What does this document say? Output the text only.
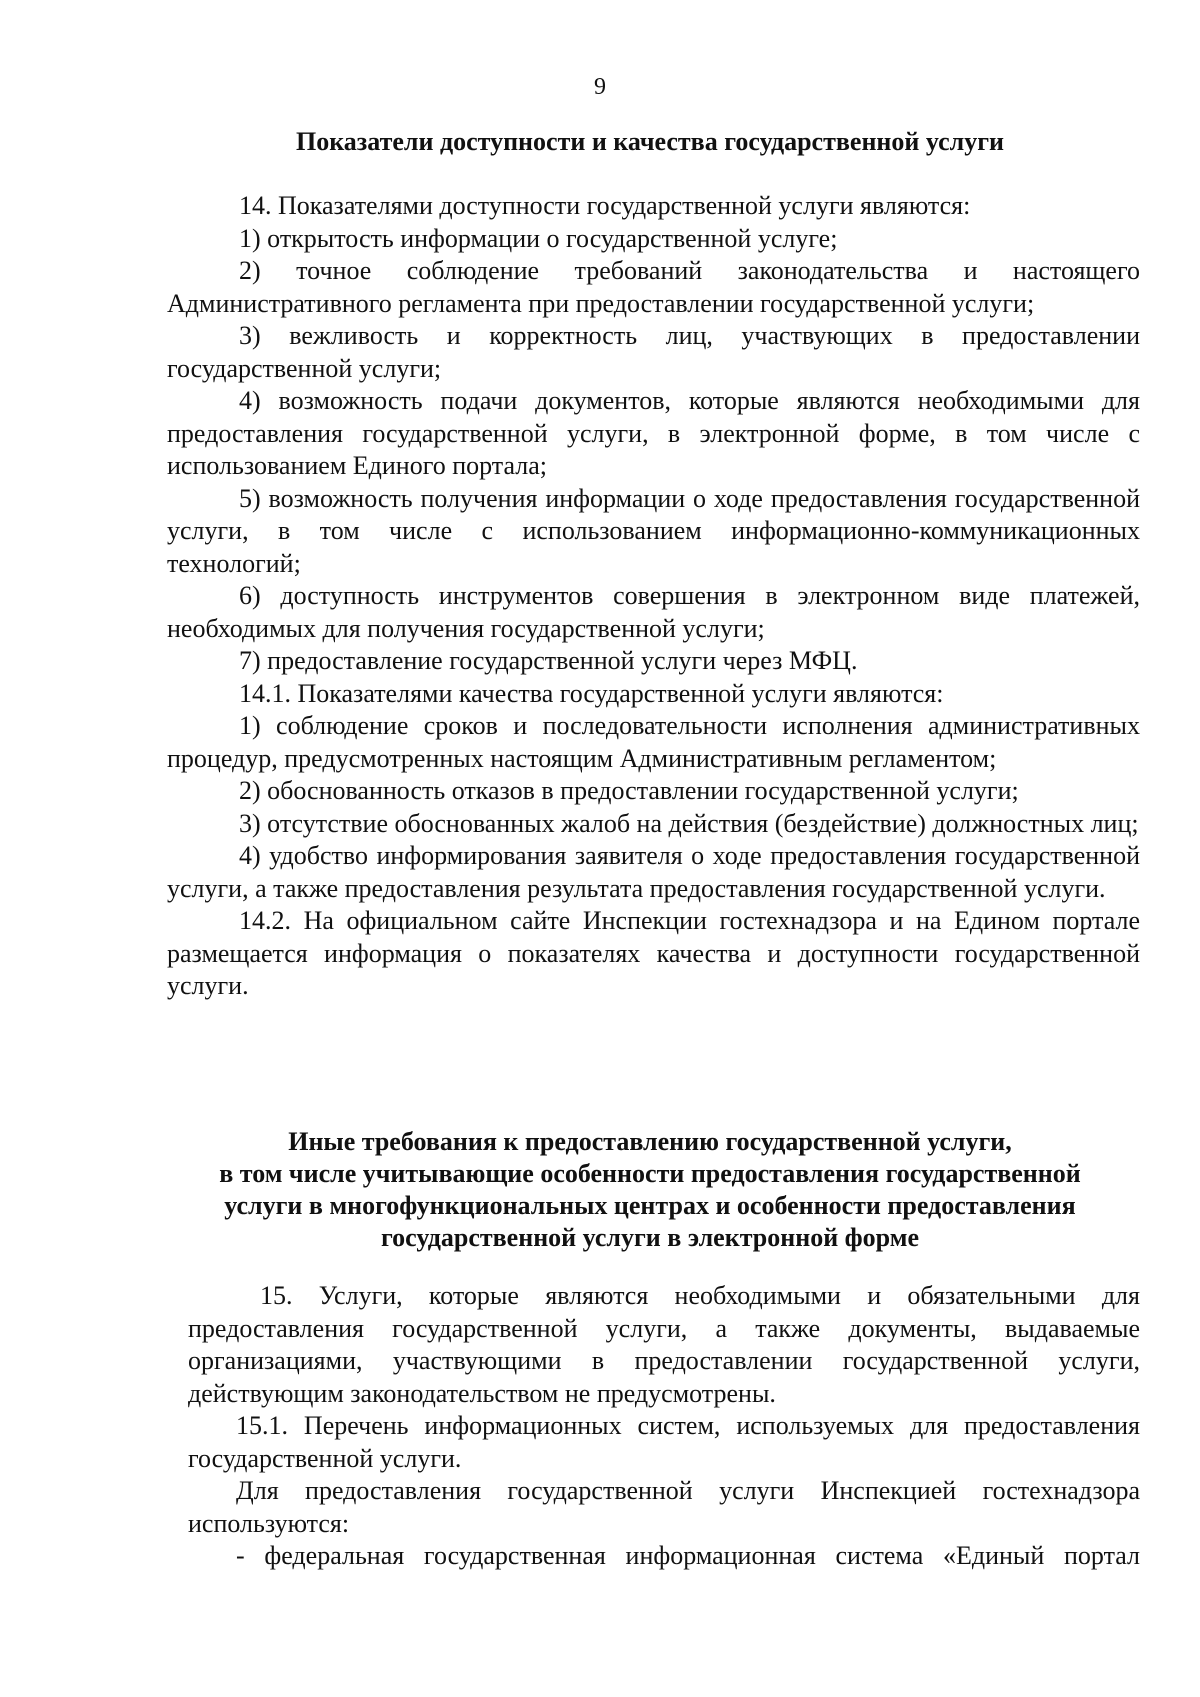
9
Показатели доступности и качества государственной услуги

14. Показателями доступности государственной услуги являются:

1) открытость информации о государственной услуге;

2) точное соблюдение требований законодательства и настоящего Административного регламента при предоставлении государственной услуги;

3) вежливость и корректность лиц, участвующих в предоставлении государственной услуги;

4) возможность подачи документов, которые являются необходимыми для предоставления государственной услуги, в электронной форме, в том числе с использованием Единого портала;

5) возможность получения информации о ходе предоставления государственной услуги, в том числе с использованием информационно-коммуникационных технологий;

6) доступность инструментов совершения в электронном виде платежей, необходимых для получения государственной услуги;

7) предоставление государственной услуги через МФЦ.

14.1. Показателями качества государственной услуги являются:

1) соблюдение сроков и последовательности исполнения административных процедур, предусмотренных настоящим Административным регламентом;

2) обоснованность отказов в предоставлении государственной услуги;

3) отсутствие обоснованных жалоб на действия (бездействие) должностных лиц;

4) удобство информирования заявителя о ходе предоставления государственной услуги, а также предоставления результата предоставления государственной услуги.

14.2. На официальном сайте Инспекции гостехнадзора и на Едином портале размещается информация о показателях качества и доступности государственной услуги.

Иные требования к предоставлению государственной услуги,
в том числе учитывающие особенности предоставления государственной
услуги в многофункциональных центрах и особенности предоставления
государственной услуги в электронной форме

15. Услуги, которые являются необходимыми и обязательными для предоставления государственной услуги, а также документы, выдаваемые организациями, участвующими в предоставлении государственной услуги, действующим законодательством не предусмотрены.

15.1. Перечень информационных систем, используемых для предоставления государственной услуги.

Для предоставления государственной услуги Инспекцией гостехнадзора используются:

- федеральная государственная информационная система «Единый портал
